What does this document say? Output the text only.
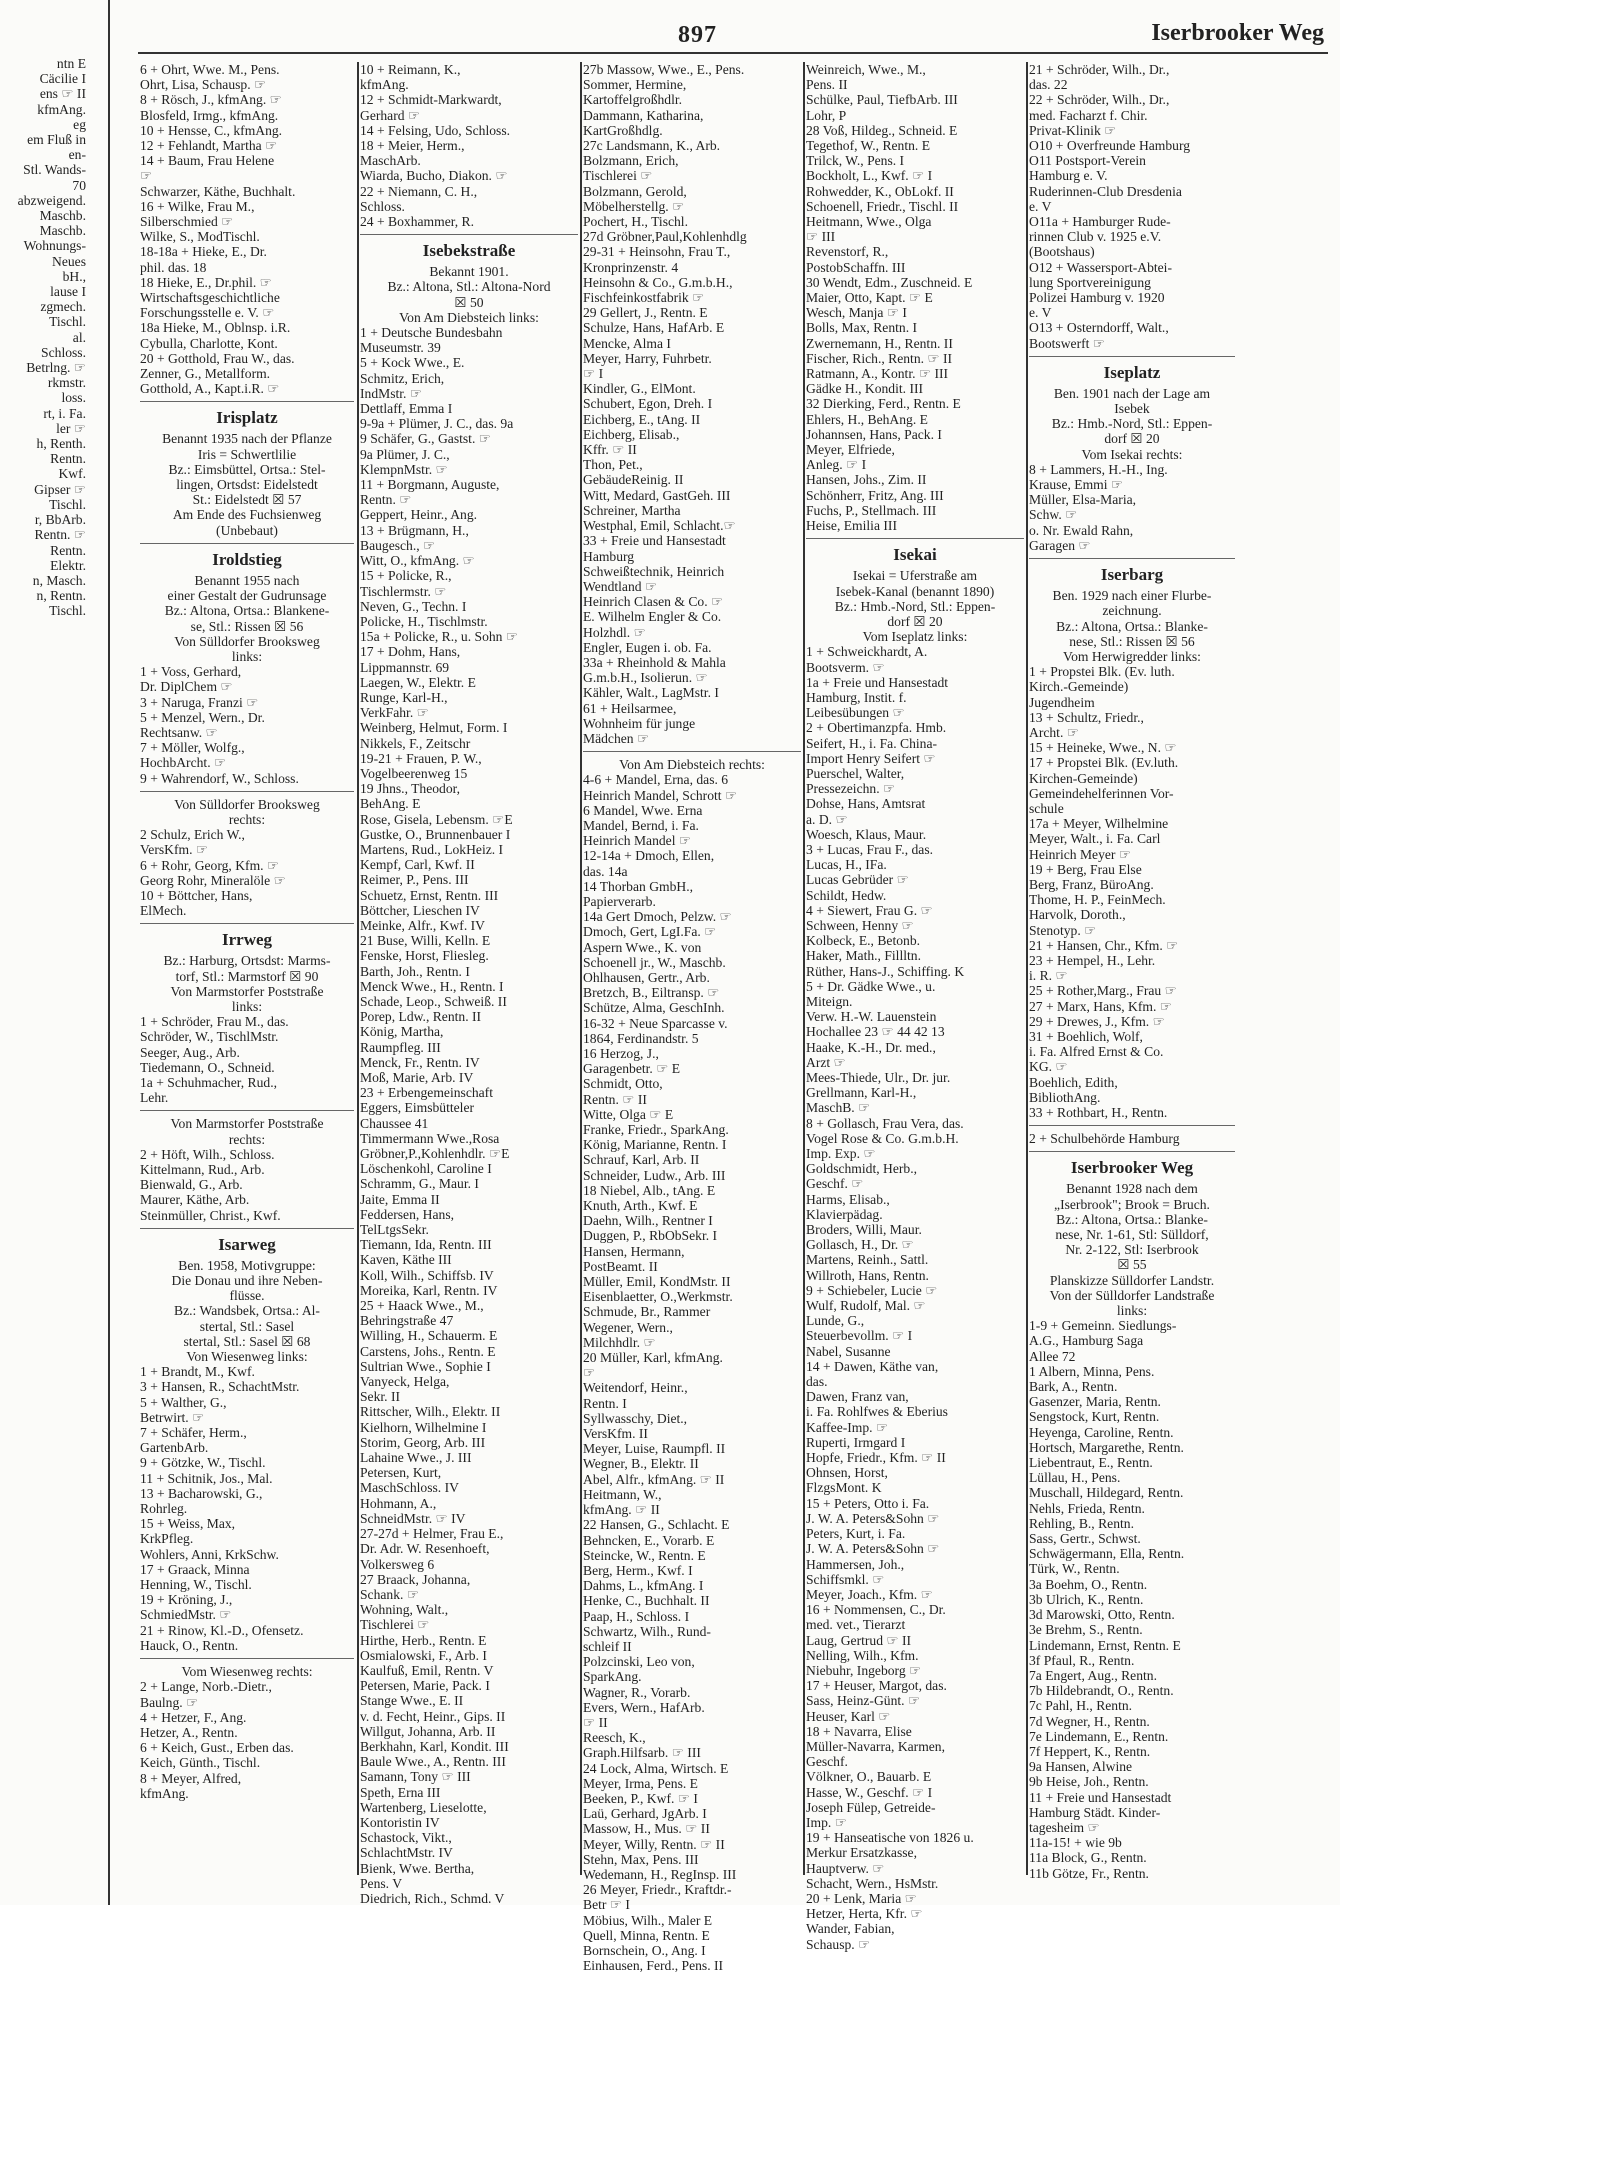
897	Iserbrooker Weg
ntn E
Cäcilie I
ens ☞ II
kfmAng.
eg
em Fluß in
en-
Stl. Wands-
70
abzweigend.
Maschb.
Maschb.
Wohnungs-
Neues
bH.,
lause I
zgmech.
Tischl.
al.
Schloss.
Betrlng. ☞
rkmstr.
loss.
rt, i. Fa.
ler ☞
h, Renth.
Rentn.
Kwf.
Gipser ☞
Tischl.
r, BbArb.
Rentn. ☞
Rentn.
Elektr.
n, Masch.
n, Rentn.
Tischl.
6 + Ohrt, Wwe. M., Pens.
Ohrt, Lisa, Schausp. ☞
8 + Rösch, J., kfmAng. ☞
Blosfeld, Irmg., kfmAng.
10 + Hensse, C., kfmAng.
12 + Fehlandt, Martha ☞
14 + Baum, Frau Helene
☞
Schwarzer, Käthe, Buchhalt.
16 + Wilke, Frau M.,
Silberschmied ☞
Wilke, S., ModTischl.
18-18a + Hieke, E., Dr.
phil. das. 18
18 Hieke, E., Dr.phil. ☞
Wirtschaftsgeschichtliche
Forschungsstelle e. V. ☞
18a Hieke, M., Oblnsp. i.R.
Cybulla, Charlotte, Kont.
20 + Gotthold, Frau W., das.
Zenner, G., Metallform.
Gotthold, A., Kapt.i.R. ☞
Irisplatz
Benannt 1935 nach der Pflanze
Iris = Schwertlilie
Bz.: Eimsbüttel, Ortsa.: Stel-
lingen, Ortsdst: Eidelstedt
St.: Eidelstedt ☒ 57
Am Ende des Fuchsienweg
(Unbebaut)
Iroldstieg
Benannt 1955 nach
einer Gestalt der Gudrunsage
Bz.: Altona, Ortsa.: Blankene-
se, Stl.: Rissen ☒ 56
Von Sülldorfer Brooksweg
links:
1 + Voss, Gerhard,
Dr. DiplChem ☞
3 + Naruga, Franzi ☞
5 + Menzel, Wern., Dr.
Rechtsanw. ☞
7 + Möller, Wolfg.,
HochbArcht. ☞
9 + Wahrendorf, W., Schloss.
Von Sülldorfer Brooksweg
rechts:
2 Schulz, Erich W.,
VersKfm. ☞
6 + Rohr, Georg, Kfm. ☞
Georg Rohr, Mineralöle ☞
10 + Böttcher, Hans,
ElMech.
Irrweg
Bz.: Harburg, Ortsdst: Marms-
torf, Stl.: Marmstorf ☒ 90
Von Marmstorfer Poststraße
links:
1 + Schröder, Frau M., das.
Schröder, W., TischlMstr.
Seeger, Aug., Arb.
Tiedemann, O., Schneid.
1a + Schuhmacher, Rud.,
Lehr.
Von Marmstorfer Poststraße
rechts:
2 + Höft, Wilh., Schloss.
Kittelmann, Rud., Arb.
Bienwald, G., Arb.
Maurer, Käthe, Arb.
Steinmüller, Christ., Kwf.
Isarweg
Ben. 1958, Motivgruppe:
Die Donau und ihre Neben-
flüsse.
Bz.: Wandsbek, Ortsa.: Al-
stertal, Stl.: Sasel
stertal, Stl.: Sasel ☒ 68
Von Wiesenweg links:
1 + Brandt, M., Kwf.
3 + Hansen, R., SchachtMstr.
5 + Walther, G.,
Betrwirt. ☞
7 + Schäfer, Herm.,
GartenbArb.
9 + Götzke, W., Tischl.
11 + Schitnik, Jos., Mal.
13 + Bacharowski, G.,
Rohrleg.
15 + Weiss, Max,
KrkPfleg.
Wohlers, Anni, KrkSchw.
17 + Graack, Minna
Henning, W., Tischl.
19 + Kröning, J.,
SchmiedMstr. ☞
21 + Rinow, Kl.-D., Ofensetz.
Hauck, O., Rentn.
Vom Wiesenweg rechts:
2 + Lange, Norb.-Dietr.,
Baulng. ☞
4 + Hetzer, F., Ang.
Hetzer, A., Rentn.
6 + Keich, Gust., Erben das.
Keich, Günth., Tischl.
8 + Meyer, Alfred,
kfmAng.
10 + Reimann, K.,
kfmAng.
12 + Schmidt-Markwardt,
Gerhard ☞
14 + Felsing, Udo, Schloss.
18 + Meier, Herm.,
MaschArb.
Wiarda, Bucho, Diakon. ☞
22 + Niemann, C. H.,
Schloss.
24 + Boxhammer, R.
Isebekstraße
Bekannt 1901.
Bz.: Altona, Stl.: Altona-Nord
☒ 50
Von Am Diebsteich links:
1 + Deutsche Bundesbahn
Museumstr. 39
5 + Kock Wwe., E.
Schmitz, Erich,
IndMstr. ☞
Dettlaff, Emma I
9-9a + Plümer, J. C., das. 9a
9 Schäfer, G., Gastst. ☞
9a Plümer, J. C.,
KlempnMstr. ☞
11 + Borgmann, Auguste,
Rentn. ☞
Geppert, Heinr., Ang.
13 + Brügmann, H.,
Baugesch., ☞
Witt, O., kfmAng. ☞
15 + Policke, R.,
Tischlermstr. ☞
Neven, G., Techn. I
Policke, H., Tischlmstr.
15a + Policke, R., u. Sohn ☞
17 + Dohm, Hans,
Lippmannstr. 69
Laegen, W., Elektr. E
Runge, Karl-H.,
VerkFahr. ☞
Weinberg, Helmut, Form. I
Nikkels, F., Zeitschr
19-21 + Frauen, P. W.,
Vogelbeerenweg 15
19 Jhns., Theodor,
BehAng. E
Rose, Gisela, Lebensm. ☞E
Gustke, O., Brunnenbauer I
Martens, Rud., LokHeiz. I
Kempf, Carl, Kwf. II
Reimer, P., Pens. III
Schuetz, Ernst, Rentn. III
Böttcher, Lieschen IV
Meinke, Alfr., Kwf. IV
21 Buse, Willi, Kelln. E
Fenske, Horst, Fliesleg.
Barth, Joh., Rentn. I
Menck Wwe., H., Rentn. I
Schade, Leop., Schweiß. II
Porep, Ldw., Rentn. II
König, Martha,
Raumpfleg. III
Menck, Fr., Rentn. IV
Moß, Marie, Arb. IV
23 + Erbengemeinschaft
Eggers, Eimsbütteler
Chaussee 41
Timmermann Wwe.,Rosa
Gröbner,P.,Kohlenhdlr. ☞E
Löschenkohl, Caroline I
Schramm, G., Maur. I
Jaite, Emma II
Feddersen, Hans,
TelLtgsSekr.
Tiemann, Ida, Rentn. III
Kaven, Käthe III
Koll, Wilh., Schiffsb. IV
Moreika, Karl, Rentn. IV
25 + Haack Wwe., M.,
Behringstraße 47
Willing, H., Schauerm. E
Carstens, Johs., Rentn. E
Sultrian Wwe., Sophie I
Vanyeck, Helga,
Sekr. II
Rittscher, Wilh., Elektr. II
Kielhorn, Wilhelmine I
Storim, Georg, Arb. III
Lahaine Wwe., J. III
Petersen, Kurt,
MaschSchloss. IV
Hohmann, A.,
SchneidMstr. ☞ IV
27-27d + Helmer, Frau E.,
Dr. Adr. W. Resenhoeft,
Volkersweg 6
27 Braack, Johanna,
Schank. ☞
Wohning, Walt.,
Tischlerei ☞
Hirthe, Herb., Rentn. E
Osmialowski, F., Arb. I
Kaulfuß, Emil, Rentn. V
Petersen, Marie, Pack. I
Stange Wwe., E. II
v. d. Fecht, Heinr., Gips. II
Willgut, Johanna, Arb. II
Berkhahn, Karl, Kondit. III
Baule Wwe., A., Rentn. III
Samann, Tony ☞ III
Speth, Erna III
Wartenberg, Lieselotte,
Kontoristin IV
Schastock, Vikt.,
SchlachtMstr. IV
Bienk, Wwe. Bertha,
Pens. V
Diedrich, Rich., Schmd. V
27b Massow, Wwe., E., Pens.
Sommer, Hermine,
Kartoffelgroßhdlr.
Dammann, Katharina,
KartGroßhdlg.
27c Landsmann, K., Arb.
Bolzmann, Erich,
Tischlerei ☞
Bolzmann, Gerold,
Möbelherstellg. ☞
Pochert, H., Tischl.
27d Gröbner,Paul,Kohlenhdlg
29-31 + Heinsohn, Frau T.,
Kronprinzenstr. 4
Heinsohn & Co., G.m.b.H.,
Fischfeinkostfabrik ☞
29 Gellert, J., Rentn. E
Schulze, Hans, HafArb. E
Mencke, Alma I
Meyer, Harry, Fuhrbetr.
☞ I
Kindler, G., ElMont.
Schubert, Egon, Dreh. I
Eichberg, E., tAng. II
Eichberg, Elisab.,
Kffr. ☞ II
Thon, Pet.,
GebäudeReinig. II
Witt, Medard, GastGeh. III
Schreiner, Martha
Westphal, Emil, Schlacht.☞
33 + Freie und Hansestadt
Hamburg
Schweißtechnik, Heinrich
Wendtland ☞
Heinrich Clasen & Co. ☞
E. Wilhelm Engler & Co.
Holzhdl. ☞
Engler, Eugen i. ob. Fa.
33a + Rheinhold & Mahla
G.m.b.H., Isolierun. ☞
Kähler, Walt., LagMstr. I
61 + Heilsarmee,
Wohnheim für junge
Mädchen ☞
Von Am Diebsteich rechts:
4-6 + Mandel, Erna, das. 6
Heinrich Mandel, Schrott ☞
6 Mandel, Wwe. Erna
Mandel, Bernd, i. Fa.
Heinrich Mandel ☞
12-14a + Dmoch, Ellen,
das. 14a
14 Thorban GmbH.,
Papierverarb.
14a Gert Dmoch, Pelzw. ☞
Dmoch, Gert, LgI.Fa. ☞
Aspern Wwe., K. von
Schoenell jr., W., Maschb.
Ohlhausen, Gertr., Arb.
Bretzch, B., Eiltransp. ☞
Schütze, Alma, GeschInh.
16-32 + Neue Sparcasse v.
1864, Ferdinandstr. 5
16 Herzog, J.,
Garagenbetr. ☞ E
Schmidt, Otto,
Rentn. ☞ II
Witte, Olga ☞ E
Franke, Friedr., SparkAng.
König, Marianne, Rentn. I
Schrauf, Karl, Arb. II
Schneider, Ludw., Arb. III
18 Niebel, Alb., tAng. E
Knuth, Arth., Kwf. E
Daehn, Wilh., Rentner I
Duggen, P., RbObSekr. I
Hansen, Hermann,
PostBeamt. II
Müller, Emil, KondMstr. II
Eisenblaetter, O.,Werkmstr.
Schmude, Br., Rammer
Wegener, Wern.,
Milchhdlr. ☞
20 Müller, Karl, kfmAng.
☞
Weitendorf, Heinr.,
Rentn. I
Syllwasschy, Diet.,
VersKfm. II
Meyer, Luise, Raumpfl. II
Wegner, B., Elektr. II
Abel, Alfr., kfmAng. ☞ II
Heitmann, W.,
kfmAng. ☞ II
22 Hansen, G., Schlacht. E
Behncken, E., Vorarb. E
Steincke, W., Rentn. E
Berg, Herm., Kwf. I
Dahms, L., kfmAng. I
Henke, C., Buchhalt. II
Paap, H., Schloss. I
Schwartz, Wilh., Rund-
schleif II
Polzcinski, Leo von,
SparkAng.
Wagner, R., Vorarb.
Evers, Wern., HafArb.
☞ II
Reesch, K.,
Graph.Hilfsarb. ☞ III
24 Lock, Alma, Wirtsch. E
Meyer, Irma, Pens. E
Beeken, P., Kwf. ☞ I
Laü, Gerhard, JgArb. I
Massow, H., Mus. ☞ II
Meyer, Willy, Rentn. ☞ II
Stehn, Max, Pens. III
Wedemann, H., RegInsp. III
26 Meyer, Friedr., Kraftdr.-
Betr ☞ I
Möbius, Wilh., Maler E
Quell, Minna, Rentn. E
Bornschein, O., Ang. I
Einhausen, Ferd., Pens. II
Weinreich, Wwe., M.,
Pens. II
Schülke, Paul, TiefbArb. III
Lohr, P
28 Voß, Hildeg., Schneid. E
Tegethof, W., Rentn. E
Trilck, W., Pens. I
Bockholt, L., Kwf. ☞ I
Rohwedder, K., ObLokf. II
Schoenell, Friedr., Tischl. II
Heitmann, Wwe., Olga
☞ III
Revenstorf, R.,
PostobSchaffn. III
30 Wendt, Edm., Zuschneid. E
Maier, Otto, Kapt. ☞ E
Wesch, Manja ☞ I
Bolls, Max, Rentn. I
Zwernemann, H., Rentn. II
Fischer, Rich., Rentn. ☞ II
Ratmann, A., Kontr. ☞ III
Gädke H., Kondit. III
32 Dierking, Ferd., Rentn. E
Ehlers, H., BehAng. E
Johannsen, Hans, Pack. I
Meyer, Elfriede,
Anleg. ☞ I
Hansen, Johs., Zim. II
Schönherr, Fritz, Ang. III
Fuchs, P., Stellmach. III
Heise, Emilia III
Isekai
Isekai = Uferstraße am
Isebek-Kanal (benannt 1890)
Bz.: Hmb.-Nord, Stl.: Eppen-
dorf ☒ 20
Vom Iseplatz links:
1 + Schweickhardt, A.
Bootsverm. ☞
1a + Freie und Hansestadt
Hamburg, Instit. f.
Leibesübungen ☞
2 + Obertimanzpfa. Hmb.
Seifert, H., i. Fa. China-
Import Henry Seifert ☞
Puerschel, Walter,
Pressezeichn. ☞
Dohse, Hans, Amtsrat
a. D. ☞
Woesch, Klaus, Maur.
3 + Lucas, Frau F., das.
Lucas, H., IFa.
Lucas Gebrüder ☞
Schildt, Hedw.
4 + Siewert, Frau G. ☞
Schween, Henny ☞
Kolbeck, E., Betonb.
Haker, Math., Fillltn.
Rüther, Hans-J., Schiffing. K
5 + Dr. Gädke Wwe., u.
Miteign.
Verw. H.-W. Lauenstein
Hochallee 23 ☞ 44 42 13
Haake, K.-H., Dr. med.,
Arzt ☞
Mees-Thiede, Ulr., Dr. jur.
Grellmann, Karl-H.,
MaschB. ☞
8 + Gollasch, Frau Vera, das.
Vogel Rose & Co. G.m.b.H.
Imp. Exp. ☞
Goldschmidt, Herb.,
Geschf. ☞
Harms, Elisab.,
Klavierpädag.
Broders, Willi, Maur.
Gollasch, H., Dr. ☞
Martens, Reinh., Sattl.
Willroth, Hans, Rentn.
9 + Schiebeler, Lucie ☞
Wulf, Rudolf, Mal. ☞
Lunde, G.,
Steuerbevollm. ☞ I
Nabel, Susanne
14 + Dawen, Käthe van,
das.
Dawen, Franz van,
i. Fa. Rohlfwes & Eberius
Kaffee-Imp. ☞
Ruperti, Irmgard I
Hopfe, Friedr., Kfm. ☞ II
Ohnsen, Horst,
FlzgsMont. K
15 + Peters, Otto i. Fa.
J. W. A. Peters&Sohn ☞
Peters, Kurt, i. Fa.
J. W. A. Peters&Sohn ☞
Hammersen, Joh.,
Schiffsmkl. ☞
Meyer, Joach., Kfm. ☞
16 + Nommensen, C., Dr.
med. vet., Tierarzt
Laug, Gertrud ☞ II
Nelling, Wilh., Kfm.
Niebuhr, Ingeborg ☞
17 + Heuser, Margot, das.
Sass, Heinz-Günt. ☞
Heuser, Karl ☞
18 + Navarra, Elise
Müller-Navarra, Karmen,
Geschf.
Völkner, O., Bauarb. E
Hasse, W., Geschf. ☞ I
Joseph Fülep, Getreide-
Imp. ☞
19 + Hanseatische von 1826 u.
Merkur Ersatzkasse,
Hauptverw. ☞
Schacht, Wern., HsMstr.
20 + Lenk, Maria ☞
Hetzer, Herta, Kfr. ☞
Wander, Fabian,
Schausp. ☞
21 + Schröder, Wilh., Dr.,
das. 22
22 + Schröder, Wilh., Dr.,
med. Facharzt f. Chir.
Privat-Klinik ☞
O10 + Overfreunde Hamburg
O11 Postsport-Verein
Hamburg e. V.
Ruderinnen-Club Dresdenia
e. V
O11a + Hamburger Rude-
rinnen Club v. 1925 e.V.
(Bootshaus)
O12 + Wassersport-Abtei-
lung Sportvereinigung
Polizei Hamburg v. 1920
e. V
O13 + Osterndorff, Walt.,
Bootswerft ☞
Iseplatz
Ben. 1901 nach der Lage am
Isebek
Bz.: Hmb.-Nord, Stl.: Eppen-
dorf ☒ 20
Vom Isekai rechts:
8 + Lammers, H.-H., Ing.
Krause, Emmi ☞
Müller, Elsa-Maria,
Schw. ☞
o. Nr. Ewald Rahn,
Garagen ☞
Iserbarg
Ben. 1929 nach einer Flurbe-
zeichnung.
Bz.: Altona, Ortsa.: Blanke-
nese, Stl.: Rissen ☒ 56
Vom Herwigredder links:
1 + Propstei Blk. (Ev. luth.
Kirch.-Gemeinde)
Jugendheim
13 + Schultz, Friedr.,
Archt. ☞
15 + Heineke, Wwe., N. ☞
17 + Propstei Blk. (Ev.luth.
Kirchen-Gemeinde)
Gemeindehelferinnen Vor-
schule
17a + Meyer, Wilhelmine
Meyer, Walt., i. Fa. Carl
Heinrich Meyer ☞
19 + Berg, Frau Else
Berg, Franz, BüroAng.
Thome, H. P., FeinMech.
Harvolk, Doroth.,
Stenotyp. ☞
21 + Hansen, Chr., Kfm. ☞
23 + Hempel, H., Lehr.
i. R. ☞
25 + Rother,Marg., Frau ☞
27 + Marx, Hans, Kfm. ☞
29 + Drewes, J., Kfm. ☞
31 + Boehlich, Wolf,
i. Fa. Alfred Ernst & Co.
KG. ☞
Boehlich, Edith,
BibliothAng.
33 + Rothbart, H., Rentn.
2 + Schulbehörde Hamburg
Iserbrooker Weg
Benannt 1928 nach dem
„Iserbrook"; Brook = Bruch.
Bz.: Altona, Ortsa.: Blanke-
nese, Nr. 1-61, Stl: Sülldorf,
Nr. 2-122, Stl: Iserbrook
☒ 55
Planskizze Sülldorfer Landstr.
Von der Sülldorfer Landstraße
links:
1-9 + Gemeinn. Siedlungs-
A.G., Hamburg Saga
Allee 72
1 Albern, Minna, Pens.
Bark, A., Rentn.
Gasenzer, Maria, Rentn.
Sengstock, Kurt, Rentn.
Heyenga, Caroline, Rentn.
Hortsch, Margarethe, Rentn.
Liebentraut, E., Rentn.
Lüllau, H., Pens.
Muschall, Hildegard, Rentn.
Nehls, Frieda, Rentn.
Rehling, B., Rentn.
Sass, Gertr., Schwst.
Schwägermann, Ella, Rentn.
Türk, W., Rentn.
3a Boehm, O., Rentn.
3b Ulrich, K., Rentn.
3d Marowski, Otto, Rentn.
3e Brehm, S., Rentn.
Lindemann, Ernst, Rentn. E
3f Pfaul, R., Rentn.
7a Engert, Aug., Rentn.
7b Hildebrandt, O., Rentn.
7c Pahl, H., Rentn.
7d Wegner, H., Rentn.
7e Lindemann, E., Rentn.
7f Heppert, K., Rentn.
9a Hansen, Alwine
9b Heise, Joh., Rentn.
11 + Freie und Hansestadt
Hamburg Städt. Kinder-
tagesheim ☞
11a-15! + wie 9b
11a Block, G., Rentn.
11b Götze, Fr., Rentn.
